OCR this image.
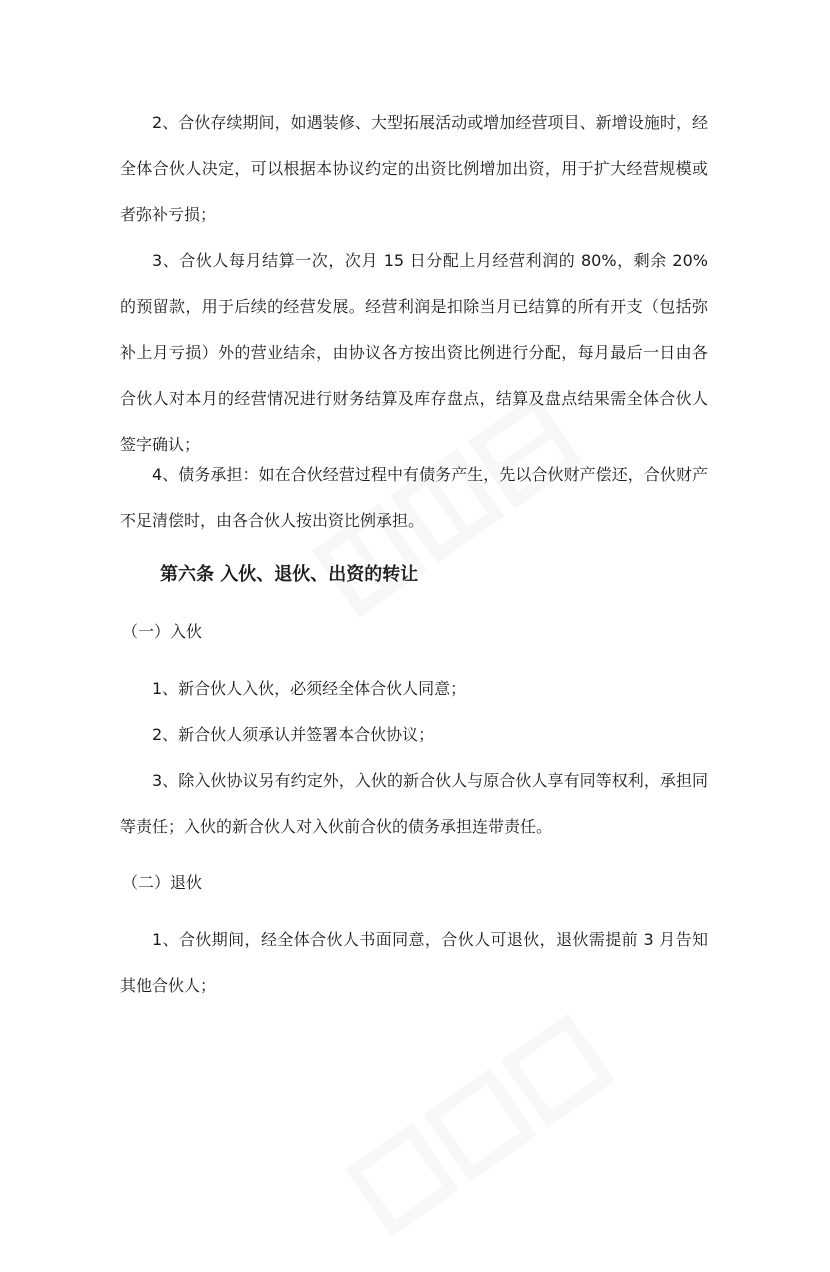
2、合伙存续期间，如遇装修、大型拓展活动或增加经营项目、新增设施时，经全体合伙人决定，可以根据本协议约定的出资比例增加出资，用于扩大经营规模或者弥补亏损；

3、合伙人每月结算一次，次月 15 日分配上月经营利润的 80%，剩余 20% 的预留款，用于后续的经营发展。经营利润是扣除当月已结算的所有开支（包括弥补上月亏损）外的营业结余，由协议各方按出资比例进行分配，每月最后一日由各合伙人对本月的经营情况进行财务结算及库存盘点，结算及盘点结果需全体合伙人签字确认；

4、债务承担：如在合伙经营过程中有债务产生，先以合伙财产偿还，合伙财产不足清偿时，由各合伙人按出资比例承担。

第六条 入伙、退伙、出资的转让

（一）入伙

1、新合伙人入伙，必须经全体合伙人同意；

2、新合伙人须承认并签署本合伙协议；

3、除入伙协议另有约定外，入伙的新合伙人与原合伙人享有同等权利，承担同等责任；入伙的新合伙人对入伙前合伙的债务承担连带责任。

（二）退伙

1、合伙期间，经全体合伙人书面同意，合伙人可退伙，退伙需提前 3 月告知其他合伙人；
